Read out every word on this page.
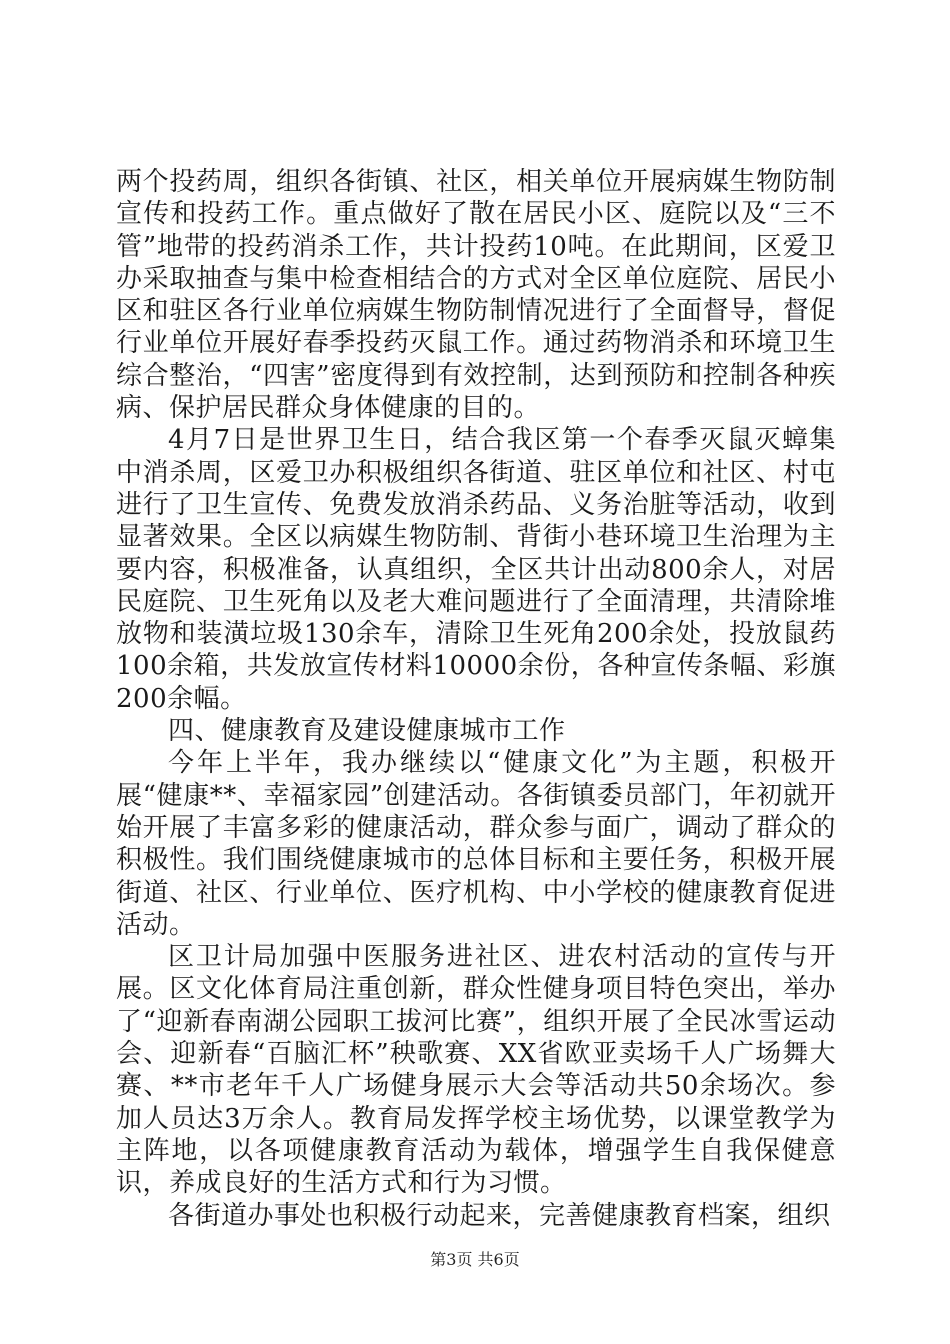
两个投药周，组织各街镇、社区，相关单位开展病媒生物防制宣传和投药工作。重点做好了散在居民小区、庭院以及“三不管”地带的投药消杀工作，共计投药10吨。在此期间，区爱卫办采取抽查与集中检查相结合的方式对全区单位庭院、居民小区和驻区各行业单位病媒生物防制情况进行了全面督导，督促行业单位开展好春季投药灭鼠工作。通过药物消杀和环境卫生综合整治，“四害”密度得到有效控制，达到预防和控制各种疾病、保护居民群众身体健康的目的。

4月7日是世界卫生日，结合我区第一个春季灭鼠灭蟑集中消杀周，区爱卫办积极组织各街道、驻区单位和社区、村屯进行了卫生宣传、免费发放消杀药品、义务治脏等活动，收到显著效果。全区以病媒生物防制、背街小巷环境卫生治理为主要内容，积极准备，认真组织，全区共计出动800余人，对居民庭院、卫生死角以及老大难问题进行了全面清理，共清除堆放物和装潢垃圾130余车，清除卫生死角200余处，投放鼠药100余箱，共发放宣传材料10000余份，各种宣传条幅、彩旗200余幅。

四、健康教育及建设健康城市工作

今年上半年，我办继续以“健康文化”为主题，积极开展“健康**、幸福家园”创建活动。各街镇委员部门，年初就开始开展了丰富多彩的健康活动，群众参与面广，调动了群众的积极性。我们围绕健康城市的总体目标和主要任务，积极开展街道、社区、行业单位、医疗机构、中小学校的健康教育促进活动。

区卫计局加强中医服务进社区、进农村活动的宣传与开展。区文化体育局注重创新，群众性健身项目特色突出，举办了“迎新春南湖公园职工拔河比赛”，组织开展了全民冰雪运动会、迎新春“百脑汇杯”秧歌赛、XX省欧亚卖场千人广场舞大赛、**市老年千人广场健身展示大会等活动共50余场次。参加人员达3万余人。教育局发挥学校主场优势，以课堂教学为主阵地，以各项健康教育活动为载体，增强学生自我保健意识，养成良好的生活方式和行为习惯。

各街道办事处也积极行动起来，完善健康教育档案，组织

第3页 共6页
